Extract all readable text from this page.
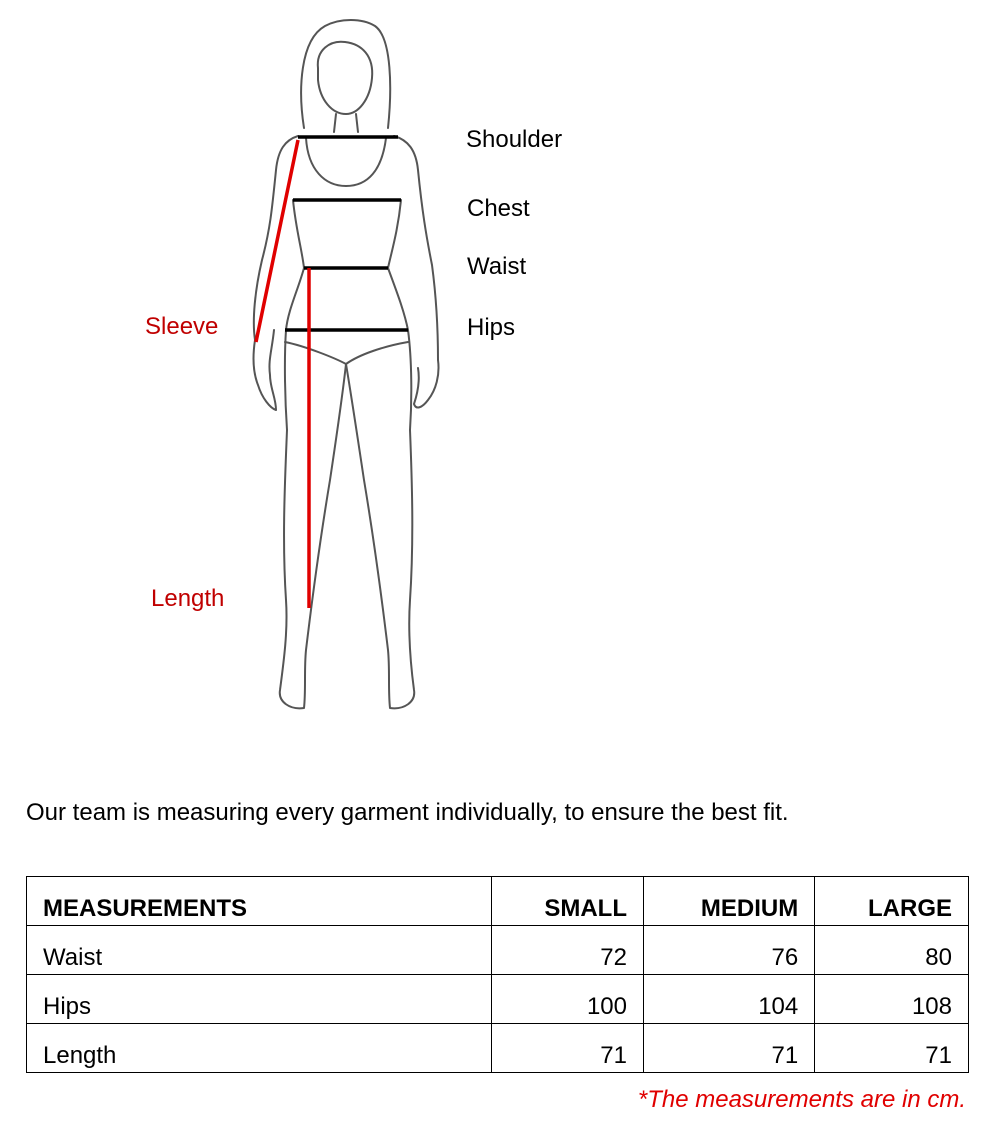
Shoulder
Chest
Waist
Hips
Sleeve
Length
Our team is measuring every garment individually, to ensure the best fit.
MEASUREMENTS	SMALL	MEDIUM	LARGE
Waist	72	76	80
Hips	100	104	108
Length	71	71	71
*The measurements are in cm.
